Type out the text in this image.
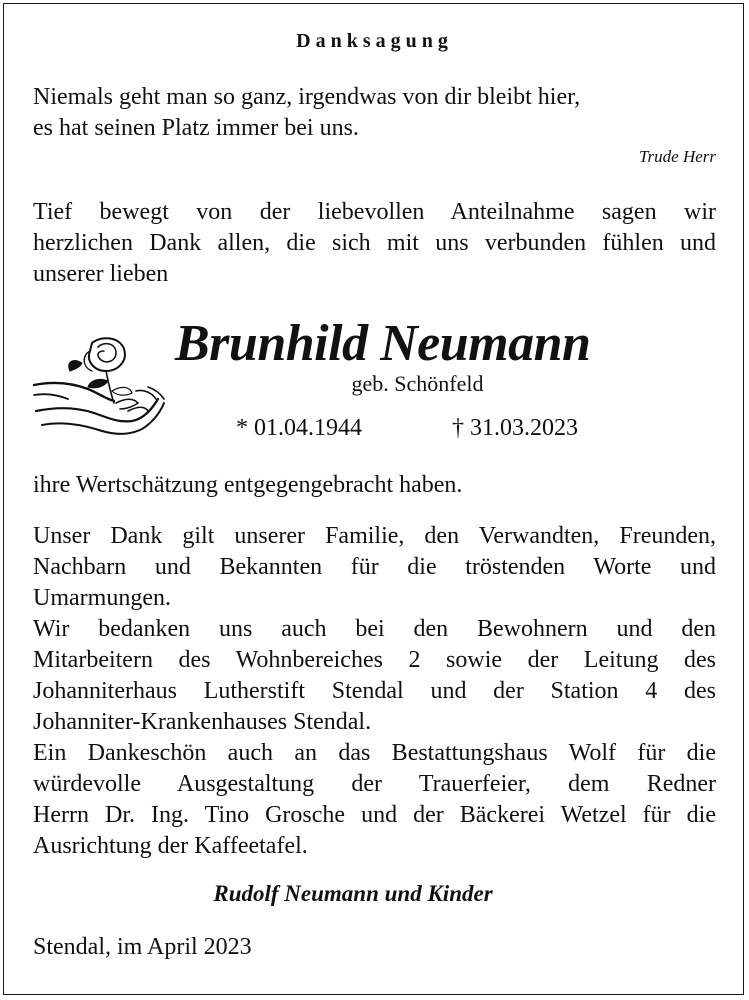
Danksagung
Niemals geht man so ganz, irgendwas von dir bleibt hier,
es hat seinen Platz immer bei uns.
Trude Herr
Tief bewegt von der liebevollen Anteilnahme sagen wir
herzlichen Dank allen, die sich mit uns verbunden fühlen und
unserer lieben
Brunhild Neumann
geb. Schönfeld
* 01.04.1944	† 31.03.2023
ihre Wertschätzung entgegengebracht haben.
Unser Dank gilt unserer Familie, den Verwandten, Freunden,
Nachbarn und Bekannten für die tröstenden Worte und
Umarmungen.
Wir bedanken uns auch bei den Bewohnern und den
Mitarbeitern des Wohnbereiches 2 sowie der Leitung des
Johanniterhaus Lutherstift Stendal und der Station 4 des
Johanniter-Krankenhauses Stendal.
Ein Dankeschön auch an das Bestattungshaus Wolf für die
würdevolle Ausgestaltung der Trauerfeier, dem Redner
Herrn Dr. Ing. Tino Grosche und der Bäckerei Wetzel für die
Ausrichtung der Kaffeetafel.
Rudolf Neumann und Kinder
Stendal, im April 2023
